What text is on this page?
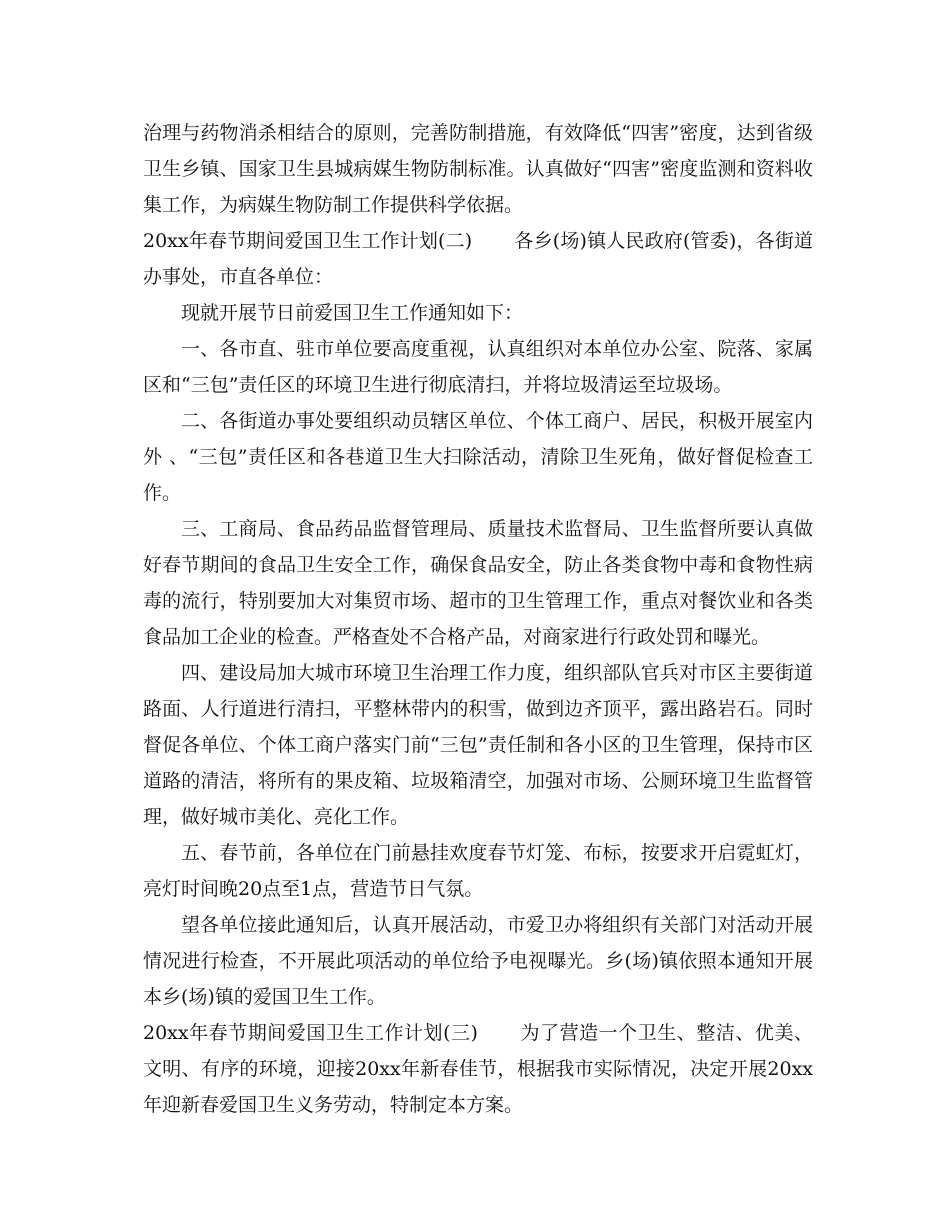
治理与药物消杀相结合的原则，完善防制措施，有效降低“四害”密度，达到省级卫生乡镇、国家卫生县城病媒生物防制标准。认真做好“四害”密度监测和资料收集工作，为病媒生物防制工作提供科学依据。

20xx年春节期间爱国卫生工作计划(二) 各乡(场)镇人民政府(管委)，各街道办事处，市直各单位：

现就开展节日前爱国卫生工作通知如下：

一、各市直、驻市单位要高度重视，认真组织对本单位办公室、院落、家属区和“三包”责任区的环境卫生进行彻底清扫，并将垃圾清运至垃圾场。

二、各街道办事处要组织动员辖区单位、个体工商户、居民，积极开展室内外 、“三包”责任区和各巷道卫生大扫除活动，清除卫生死角，做好督促检查工作。

三、工商局、食品药品监督管理局、质量技术监督局、卫生监督所要认真做好春节期间的食品卫生安全工作，确保食品安全，防止各类食物中毒和食物性病毒的流行，特别要加大对集贸市场、超市的卫生管理工作，重点对餐饮业和各类食品加工企业的检查。严格查处不合格产品，对商家进行行政处罚和曝光。

四、建设局加大城市环境卫生治理工作力度，组织部队官兵对市区主要街道路面、人行道进行清扫，平整林带内的积雪，做到边齐顶平，露出路岩石。同时督促各单位、个体工商户落实门前“三包”责任制和各小区的卫生管理，保持市区道路的清洁，将所有的果皮箱、垃圾箱清空，加强对市场、公厕环境卫生监督管理，做好城市美化、亮化工作。

五、春节前，各单位在门前悬挂欢度春节灯笼、布标，按要求开启霓虹灯，亮灯时间晚20点至1点，营造节日气氛。

望各单位接此通知后，认真开展活动，市爱卫办将组织有关部门对活动开展情况进行检查，不开展此项活动的单位给予电视曝光。乡(场)镇依照本通知开展本乡(场)镇的爱国卫生工作。

20xx年春节期间爱国卫生工作计划(三) 为了营造一个卫生、整洁、优美、文明、有序的环境，迎接20xx年新春佳节，根据我市实际情况，决定开展20xx年迎新春爱国卫生义务劳动，特制定本方案。
